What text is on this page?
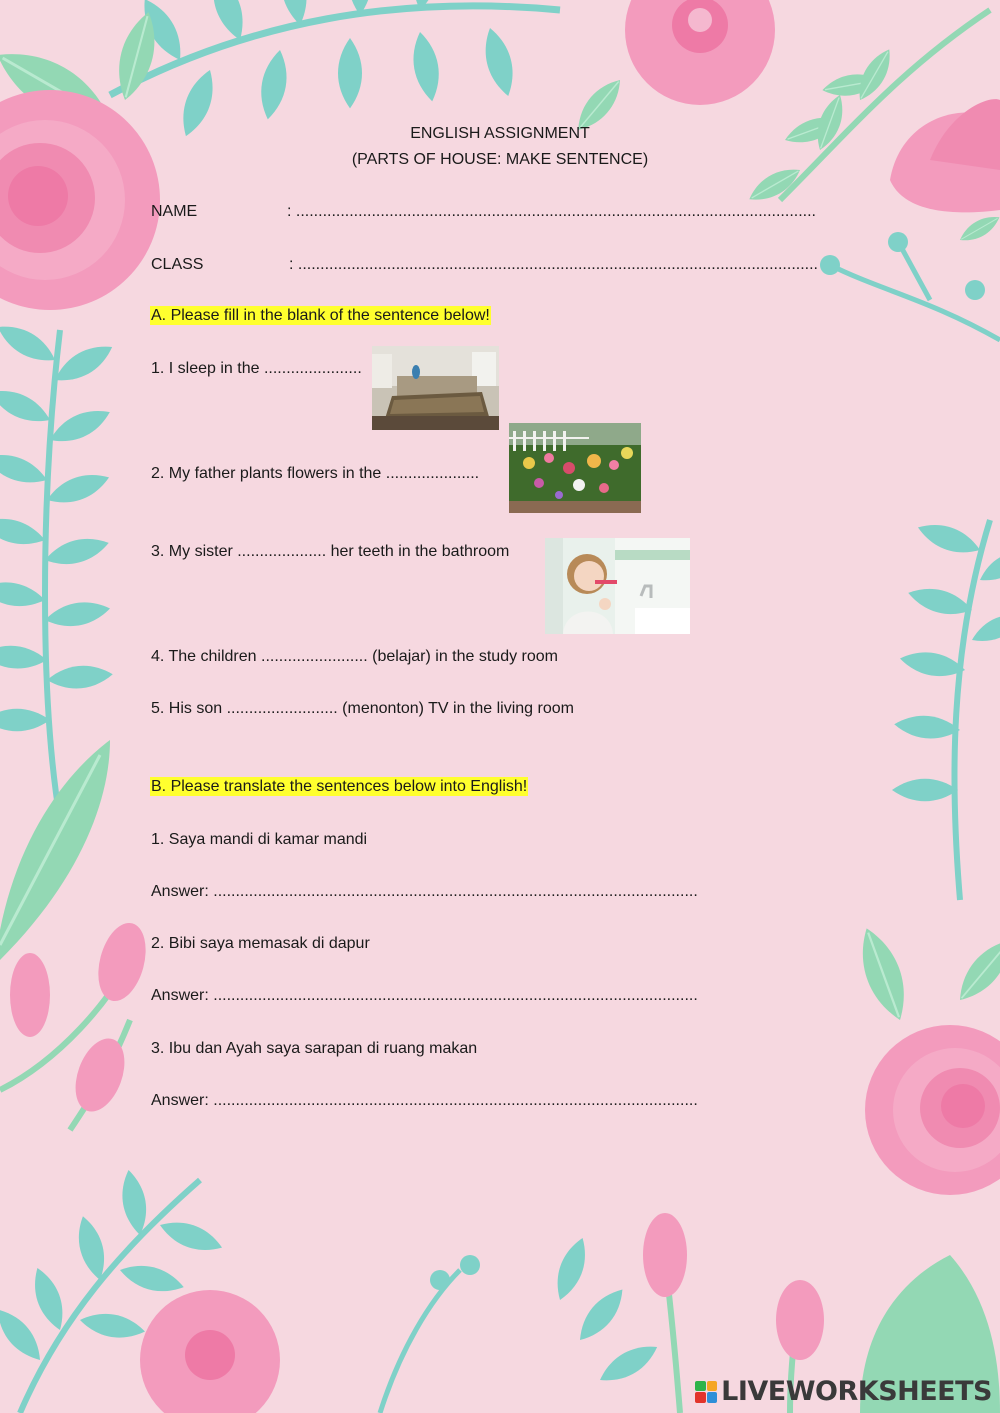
ENGLISH ASSIGNMENT
(PARTS OF HOUSE: MAKE SENTENCE)
NAME	: .....................................................................................................................
CLASS	: .....................................................................................................................
A. Please fill in the blank of the sentence below!
1. I sleep in the ......................
2. My father plants flowers in the .....................
3. My sister .................... her teeth in the bathroom
4. The children ........................ (belajar) in the study room
5. His son ......................... (menonton) TV in the living room
B. Please translate the sentences below into English!
1. Saya mandi di kamar mandi
Answer: .............................................................................................................
2. Bibi saya memasak di dapur
Answer: .............................................................................................................
3. Ibu dan Ayah saya sarapan di ruang makan
Answer: .............................................................................................................
LIVEWORKSHEETS
